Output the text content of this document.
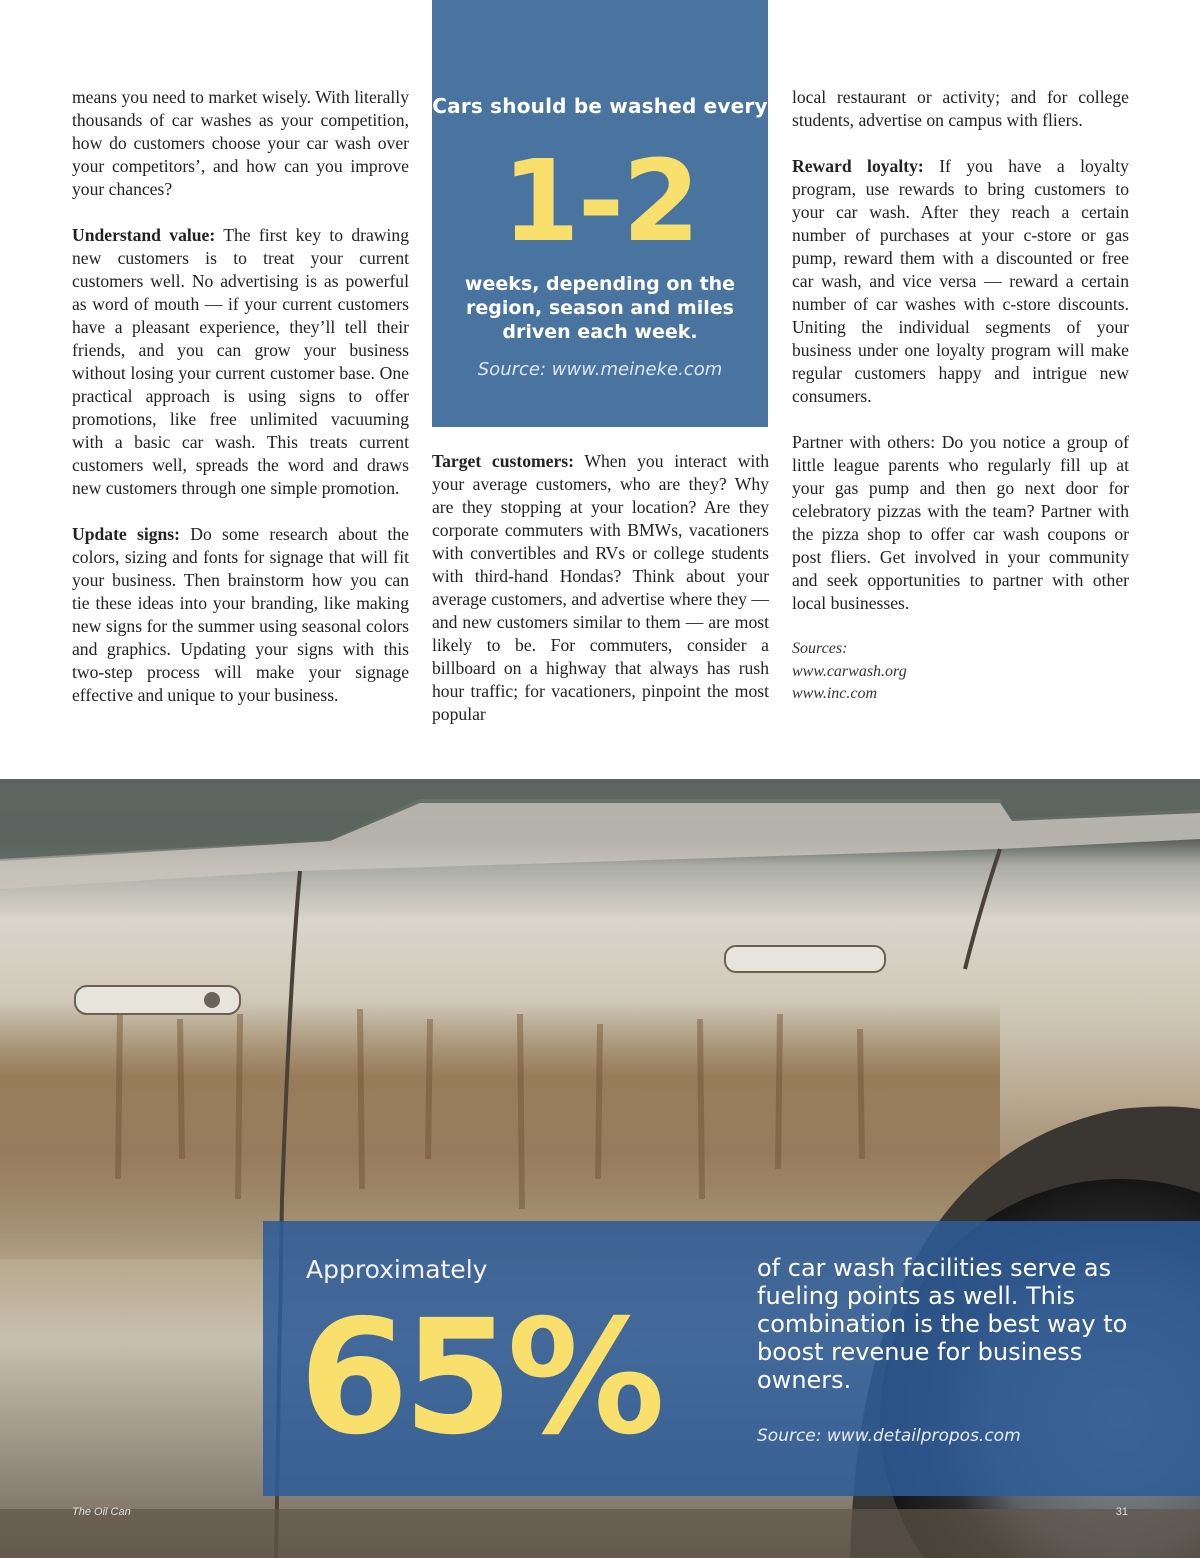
means you need to market wisely. With literally thousands of car washes as your competition, how do customers choose your car wash over your competitors’, and how can you improve your chances?

Understand value: The first key to drawing new customers is to treat your current customers well. No advertising is as powerful as word of mouth — if your current customers have a pleasant experience, they’ll tell their friends, and you can grow your business without losing your current customer base. One practical approach is using signs to offer promotions, like free unlimited vacuuming with a basic car wash. This treats current customers well, spreads the word and draws new customers through one simple promotion.

Update signs: Do some research about the colors, sizing and fonts for signage that will fit your business. Then brainstorm how you can tie these ideas into your branding, like making new signs for the summer using seasonal colors and graphics. Updating your signs with this two-step process will make your signage effective and unique to your business.

Cars should be washed every
1-2
weeks, depending on the region, season and miles driven each week.
Source: www.meineke.com

Target customers: When you interact with your average customers, who are they? Why are they stopping at your location? Are they corporate commuters with BMWs, vacationers with convertibles and RVs or college students with third-hand Hondas? Think about your average customers, and advertise where they — and new customers similar to them — are most likely to be. For commuters, consider a billboard on a highway that always has rush hour traffic; for vacationers, pinpoint the most popular

local restaurant or activity; and for college students, advertise on campus with fliers.

Reward loyalty: If you have a loyalty program, use rewards to bring customers to your car wash. After they reach a certain number of purchases at your c-store or gas pump, reward them with a discounted or free car wash, and vice versa — reward a certain number of car washes with c-store discounts. Uniting the individual segments of your business under one loyalty program will make regular customers happy and intrigue new consumers.

Partner with others: Do you notice a group of little league parents who regularly fill up at your gas pump and then go next door for celebratory pizzas with the team? Partner with the pizza shop to offer car wash coupons or post fliers. Get involved in your community and seek opportunities to partner with other local businesses.

Sources:
www.carwash.org
www.inc.com
Approximately
65%
of car wash facilities serve as fueling points as well. This combination is the best way to boost revenue for business owners.
Source: www.detailpropos.com
The Oil Can	31
